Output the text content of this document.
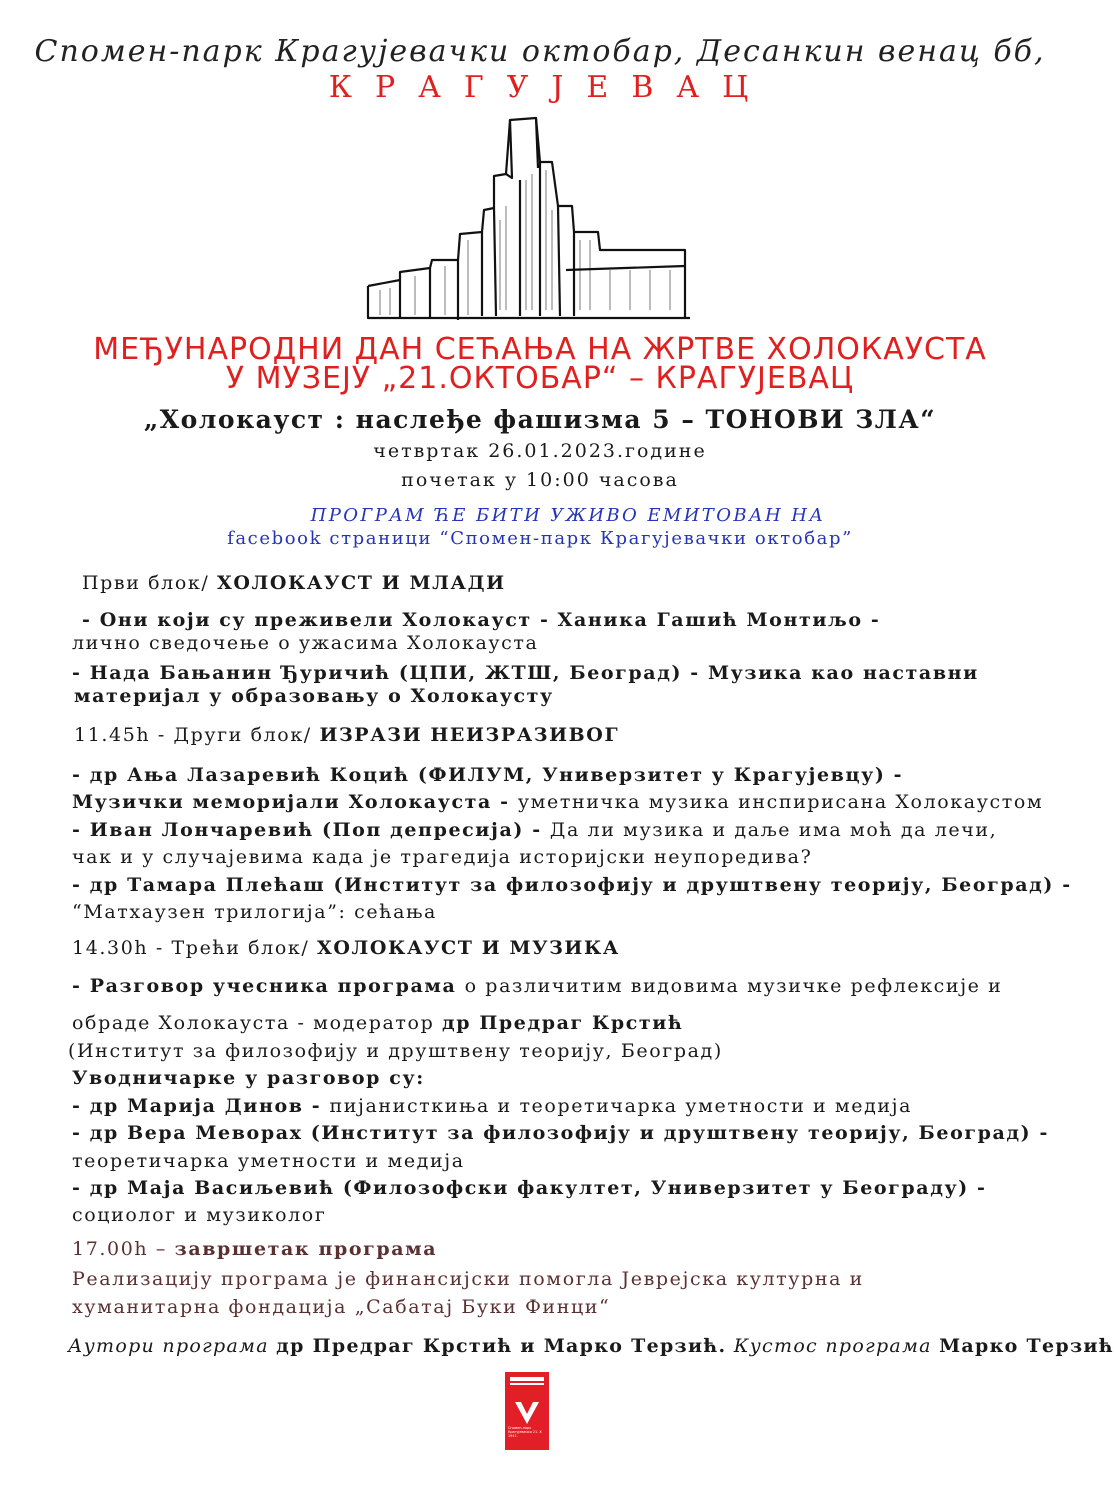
Спомен-парк Крагујевачки октобар, Десанкин венац бб,
КРАГУЈЕВАЦ
МЕЂУНАРОДНИ ДАН СЕЋАЊА НА ЖРТВЕ ХОЛОКАУСТА
У МУЗЕЈУ „21.ОКТОБАР“ – КРАГУЈЕВАЦ
„Холокауст : наслеђе фашизма 5 – ТОНОВИ ЗЛА“
четвртак 26.01.2023.године
почетак у 10:00 часова
ПРОГРАМ ЋЕ БИТИ УЖИВО ЕМИТОВАН НА
facebook страници “Спомен-парк Крагујевачки октобар”
Први блок/ ХОЛОКАУСТ И МЛАДИ
- Они који су преживели Холокауст - Ханика Гашић Монтиљо -
лично сведочење о ужасима Холокауста
- Нада Бањанин Ђуричић (ЦПИ, ЖТШ, Београд) - Музика као наставни
материјал у образовању о Холокаусту
11.45h - Други блок/ ИЗРАЗИ НЕИЗРАЗИВОГ
- др Ања Лазаревић Коцић (ФИЛУМ, Универзитет у Крагујевцу) -
Музички меморијали Холокауста - уметничка музика инспирисана Холокаустом
- Иван Лончаревић (Поп депресија) - Да ли музика и даље има моћ да лечи,
чак и у случајевима када је трагедија историјски неупоредива?
- др Тамара Плећаш (Институт за филозофију и друштвену теорију, Београд) -
“Матхаузен трилогија”: сећања
14.30h - Трећи блок/ ХОЛОКАУСТ И МУЗИКА
- Разговор учесника програма о различитим видовима музичке рефлексије и
обраде Холокауста - модератор др Предраг Крстић
(Институт за филозофију и друштвену теорију, Београд)
Уводничарке у разговор су:
- др Марија Динов - пијанисткиња и теоретичарка уметности и медија
- др Вера Меворах (Институт за филозофију и друштвену теорију, Београд) -
теоретичарка уметности и медија
- др Маја Васиљевић (Филозофски факултет, Универзитет у Београду) -
социолог и музиколог
17.00h – завршетак програма
Реализацију програма је финансијски помогла Јеврејска културна и
хуманитарна фондација „Сабатај Буки Финци“
Аутори програма др Предраг Крстић и Марко Терзић. Кустос програма Марко Терзић
Спомен-парк Крагујевачки 21. X 1941.
